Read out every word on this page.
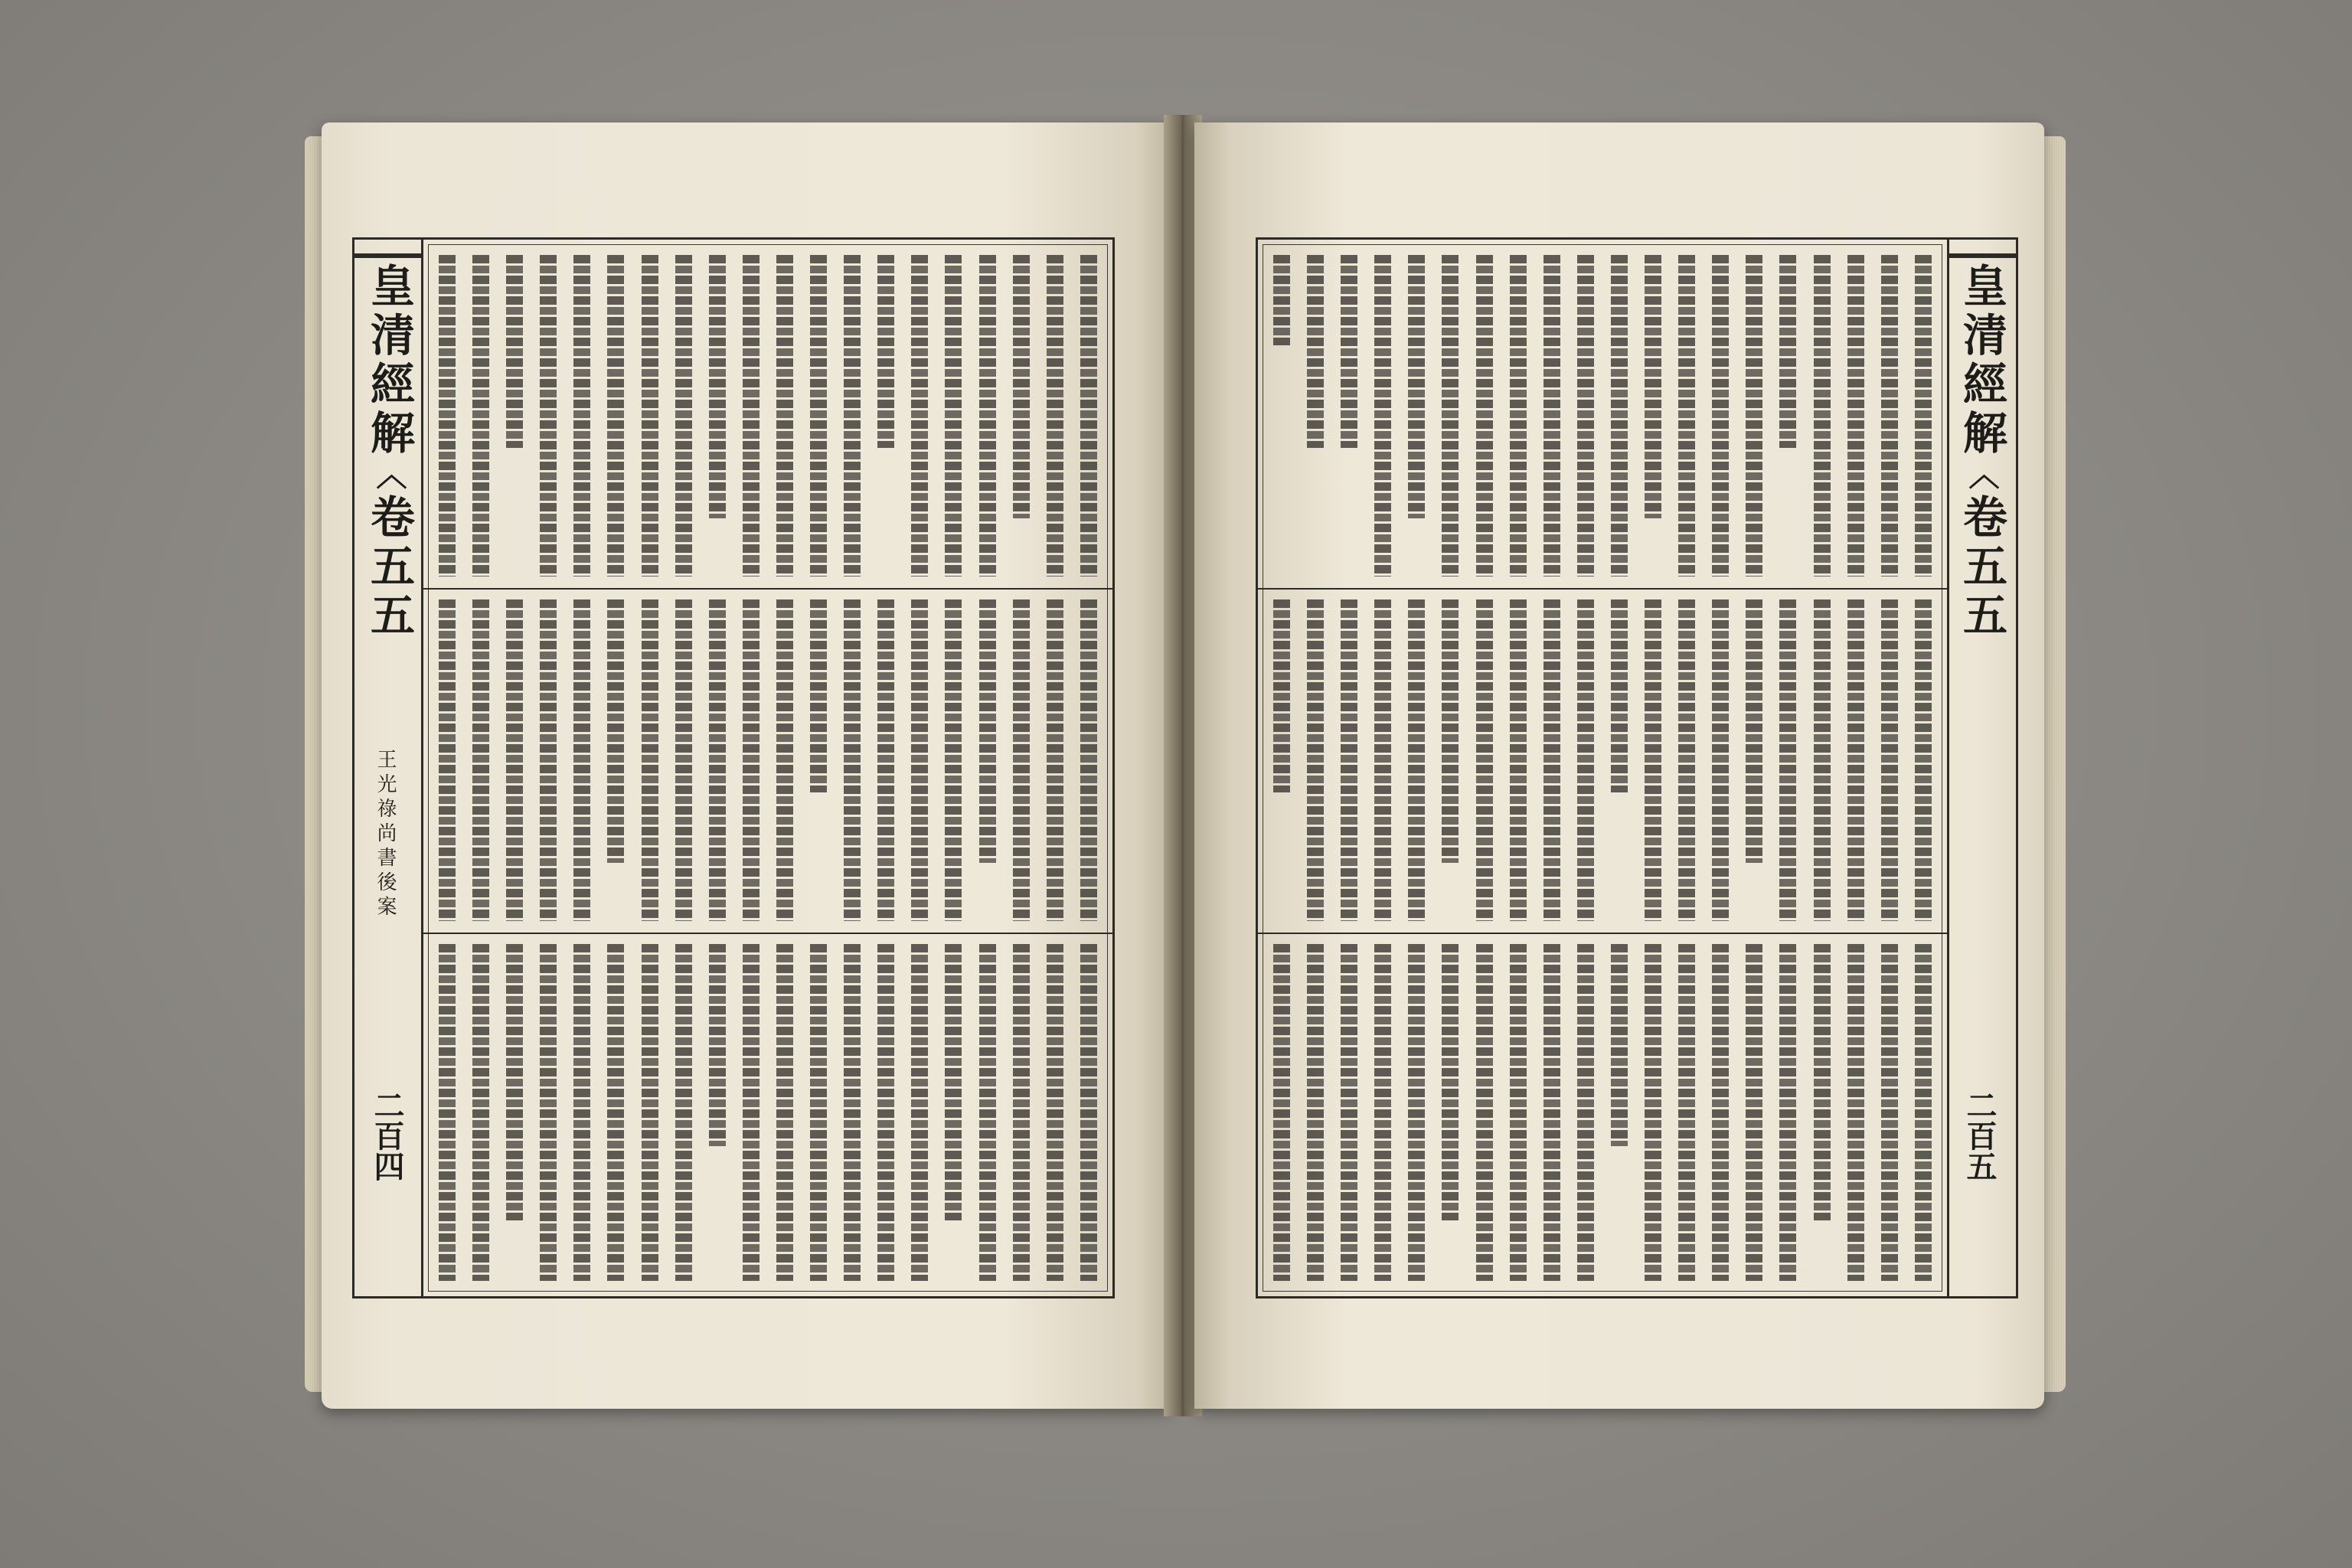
皇清經解〈卷五五
王光祿尚書後案
二百四
皇清經解〈卷五五
二百五
